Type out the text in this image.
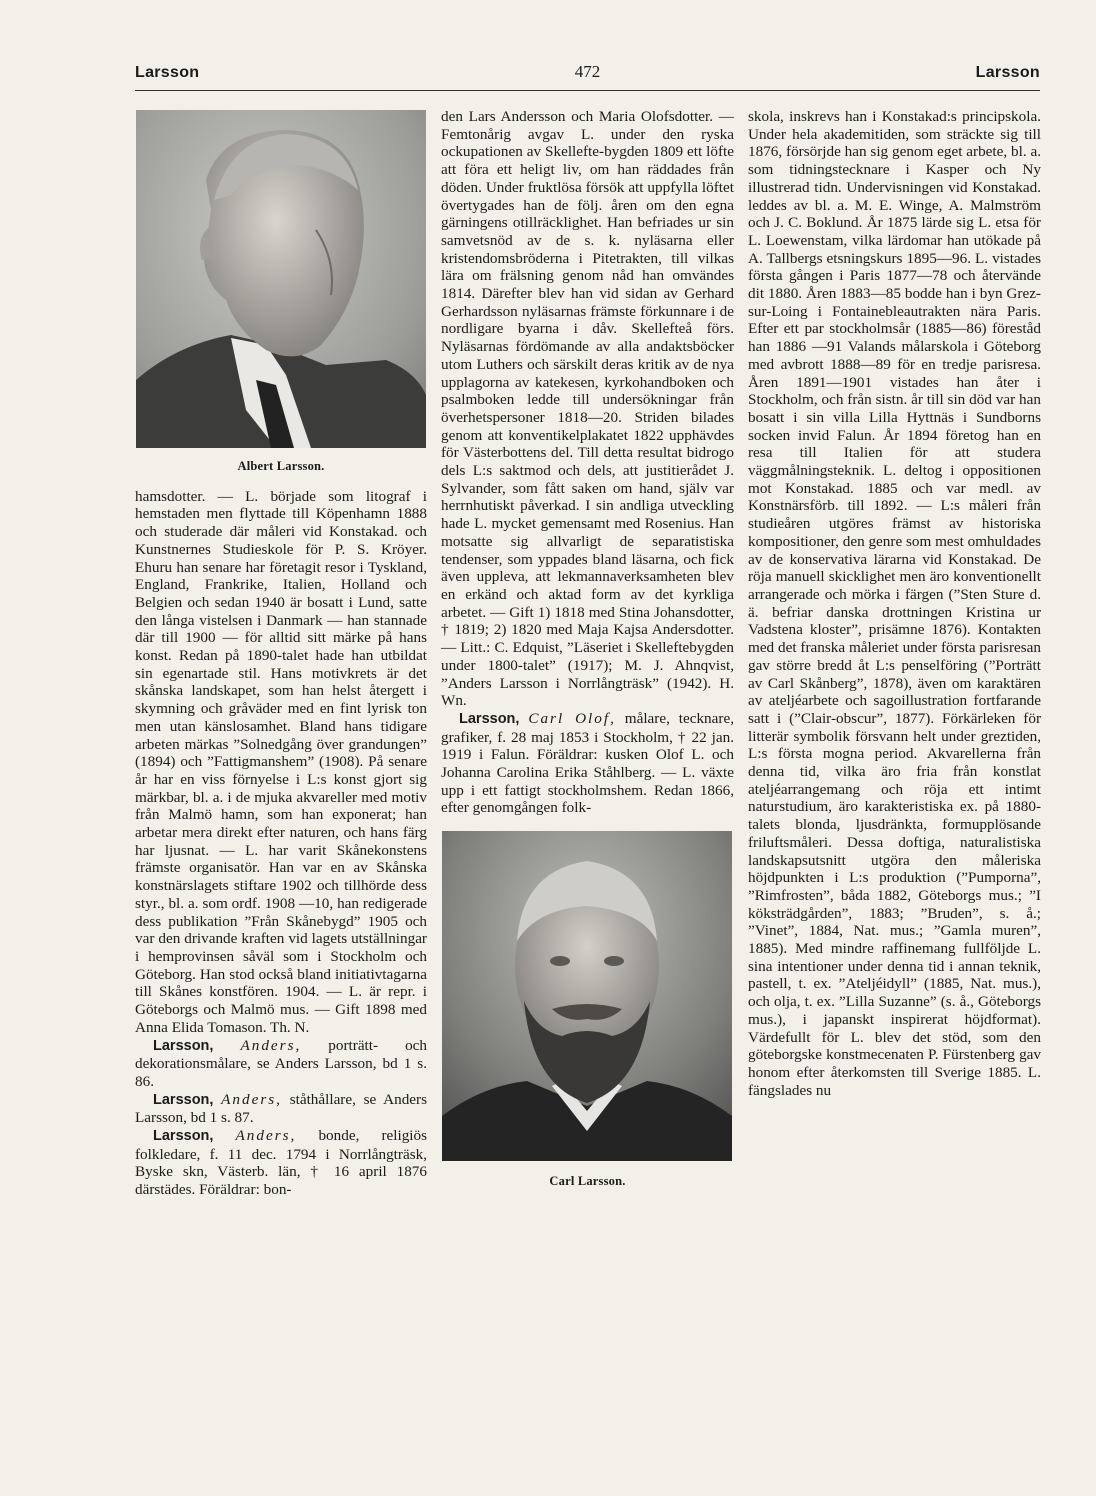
Larsson	472	Larsson
Albert Larsson.

hamsdotter. — L. började som litograf i hemstaden men flyttade till Köpenhamn 1888 och studerade där måleri vid Konstakad. och Kunstnernes Studieskole för P. S. Kröyer. Ehuru han senare har företagit resor i Tyskland, England, Frankrike, Italien, Holland och Belgien och sedan 1940 är bosatt i Lund, satte den långa vistelsen i Danmark — han stannade där till 1900 — för alltid sitt märke på hans konst. Redan på 1890-talet hade han utbildat sin egenartade stil. Hans motivkrets är det skånska landskapet, som han helst återgett i skymning och gråväder med en fint lyrisk ton men utan känslosamhet. Bland hans tidigare arbeten märkas ”Solnedgång över grandungen” (1894) och ”Fattigmanshem” (1908). På senare år har en viss förnyelse i L:s konst gjort sig märkbar, bl. a. i de mjuka akvareller med motiv från Malmö hamn, som han exponerat; han arbetar mera direkt efter naturen, och hans färg har ljusnat. — L. har varit Skånekonstens främste organisatör. Han var en av Skånska konstnärslagets stiftare 1902 och tillhörde dess styr., bl. a. som ordf. 1908 —10, han redigerade dess publikation ”Från Skånebygd” 1905 och var den drivande kraften vid lagets utställningar i hemprovinsen såväl som i Stockholm och Göteborg. Han stod också bland initiativtagarna till Skånes konstfören. 1904. — L. är repr. i Göteborgs och Malmö mus. — Gift 1898 med Anna Elida Tomason. Th. N.

Larsson, Anders, porträtt- och dekorationsmålare, se Anders Larsson, bd 1 s. 86.

Larsson, Anders, ståthållare, se Anders Larsson, bd 1 s. 87.

Larsson, Anders, bonde, religiös folkledare, f. 11 dec. 1794 i Norrlångträsk, Byske skn, Västerb. län, † 16 april 1876 därstädes. Föräldrar: bon-

den Lars Andersson och Maria Olofsdotter. — Femtonårig avgav L. under den ryska ockupationen av Skellefte-bygden 1809 ett löfte att föra ett heligt liv, om han räddades från döden. Under fruktlösa försök att uppfylla löftet övertygades han de följ. åren om den egna gärningens otillräcklighet. Han befriades ur sin samvetsnöd av de s. k. nyläsarna eller kristendomsbröderna i Pitetrakten, till vilkas lära om frälsning genom nåd han omvändes 1814. Därefter blev han vid sidan av Gerhard Gerhardsson nyläsarnas främste förkunnare i de nordligare byarna i dåv. Skellefteå förs. Nyläsarnas fördömande av alla andaktsböcker utom Luthers och särskilt deras kritik av de nya upplagorna av katekesen, kyrkohandboken och psalmboken ledde till undersökningar från överhetspersoner 1818—20. Striden bilades genom att konventikelplakatet 1822 upphävdes för Västerbottens del. Till detta resultat bidrogo dels L:s saktmod och dels, att justitierådet J. Sylvander, som fått saken om hand, själv var herrnhutiskt påverkad. I sin andliga utveckling hade L. mycket gemensamt med Rosenius. Han motsatte sig allvarligt de separatistiska tendenser, som yppades bland läsarna, och fick även uppleva, att lekmannaverksamheten blev en erkänd och aktad form av det kyrkliga arbetet. — Gift 1) 1818 med Stina Johansdotter, † 1819; 2) 1820 med Maja Kajsa Andersdotter. — Litt.: C. Edquist, ”Läseriet i Skelleftebygden under 1800-talet” (1917); M. J. Ahnqvist, ”Anders Larsson i Norrlångträsk” (1942). H. Wn.

Larsson, Carl Olof, målare, tecknare, grafiker, f. 28 maj 1853 i Stockholm, † 22 jan. 1919 i Falun. Föräldrar: kusken Olof L. och Johanna Carolina Erika Ståhlberg. — L. växte upp i ett fattigt stockholmshem. Redan 1866, efter genomgången folk-

Carl Larsson.

skola, inskrevs han i Konstakad:s principskola. Under hela akademitiden, som sträckte sig till 1876, försörjde han sig genom eget arbete, bl. a. som tidningstecknare i Kasper och Ny illustrerad tidn. Undervisningen vid Konstakad. leddes av bl. a. M. E. Winge, A. Malmström och J. C. Boklund. År 1875 lärde sig L. etsa för L. Loewenstam, vilka lärdomar han utökade på A. Tallbergs etsningskurs 1895—96. L. vistades första gången i Paris 1877—78 och återvände dit 1880. Åren 1883—85 bodde han i byn Grez-sur-Loing i Fontainebleautrakten nära Paris. Efter ett par stockholmsår (1885—86) föreståd han 1886 —91 Valands målarskola i Göteborg med avbrott 1888—89 för en tredje parisresa. Åren 1891—1901 vistades han åter i Stockholm, och från sistn. år till sin död var han bosatt i sin villa Lilla Hyttnäs i Sundborns socken invid Falun. År 1894 företog han en resa till Italien för att studera väggmålningsteknik. L. deltog i oppositionen mot Konstakad. 1885 och var medl. av Konstnärsförb. till 1892. — L:s måleri från studieåren utgöres främst av historiska kompositioner, den genre som mest omhuldades av de konservativa lärarna vid Konstakad. De röja manuell skicklighet men äro konventionellt arrangerade och mörka i färgen (”Sten Sture d. ä. befriar danska drottningen Kristina ur Vadstena kloster”, prisämne 1876). Kontakten med det franska måleriet under första parisresan gav större bredd åt L:s penselföring (”Porträtt av Carl Skånberg”, 1878), även om karaktären av ateljéarbete och sagoillustration fortfarande satt i (”Clair-obscur”, 1877). Förkärleken för litterär symbolik försvann helt under greztiden, L:s första mogna period. Akvarellerna från denna tid, vilka äro fria från konstlat ateljéarrangemang och röja ett intimt naturstudium, äro karakteristiska ex. på 1880-talets blonda, ljusdränkta, formupplösande friluftsmåleri. Dessa doftiga, naturalistiska landskapsutsnitt utgöra den måleriska höjdpunkten i L:s produktion (”Pumporna”, ”Rimfrosten”, båda 1882, Göteborgs mus.; ”I köksträdgården”, 1883; ”Bruden”, s. å.; ”Vinet”, 1884, Nat. mus.; ”Gamla muren”, 1885). Med mindre raffinemang fullföljde L. sina intentioner under denna tid i annan teknik, pastell, t. ex. ”Ateljéidyll” (1885, Nat. mus.), och olja, t. ex. ”Lilla Suzanne” (s. å., Göteborgs mus.), i japanskt inspirerat höjdformat). Värdefullt för L. blev det stöd, som den göteborgske konstmecenaten P. Fürstenberg gav honom efter återkomsten till Sverige 1885. L. fängslades nu
